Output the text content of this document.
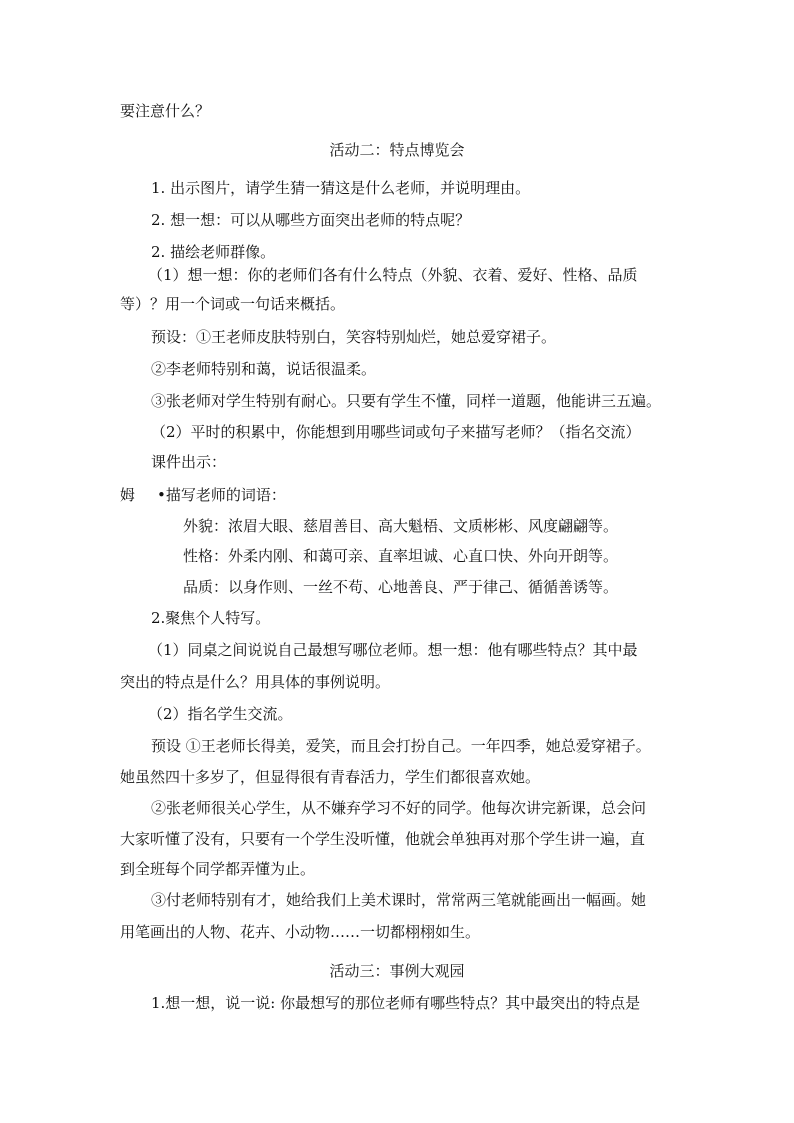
要注意什么？
活动二：特点博览会
1. 出示图片，请学生猜一猜这是什么老师，并说明理由。
2. 想一想：可以从哪些方面突出老师的特点呢？
2. 描绘老师群像。
（1）想一想：你的老师们各有什么特点（外貌、衣着、爱好、性格、品质
等）？用一个词或一句话来概括。
预设：①王老师皮肤特别白，笑容特别灿烂，她总爱穿裙子。
②李老师特别和蔼，说话很温柔。
③张老师对学生特别有耐心。只要有学生不懂，同样一道题，他能讲三五遍。
（2）平时的积累中，你能想到用哪些词或句子来描写老师？（指名交流）
课件出示：
姆 •描写老师的词语：
外貌：浓眉大眼、慈眉善目、高大魁梧、文质彬彬、风度翩翩等。
性格：外柔内刚、和蔼可亲、直率坦诚、心直口快、外向开朗等。
品质：以身作则、一丝不苟、心地善良、严于律己、循循善诱等。
2.聚焦个人特写。
（1）同桌之间说说自己最想写哪位老师。想一想：他有哪些特点？其中最
突出的特点是什么？用具体的事例说明。
（2）指名学生交流。
预设 ①王老师长得美，爱笑，而且会打扮自己。一年四季，她总爱穿裙子。
她虽然四十多岁了，但显得很有青春活力，学生们都很喜欢她。
②张老师很关心学生，从不嫌弃学习不好的同学。他每次讲完新课，总会问
大家听懂了没有，只要有一个学生没听懂，他就会单独再对那个学生讲一遍，直
到全班每个同学都弄懂为止。
③付老师特别有才，她给我们上美术课时，常常两三笔就能画出一幅画。她
用笔画出的人物、花卉、小动物……一切都栩栩如生。
活动三：事例大观园
1.想一想，说一说: 你最想写的那位老师有哪些特点？其中最突出的特点是
